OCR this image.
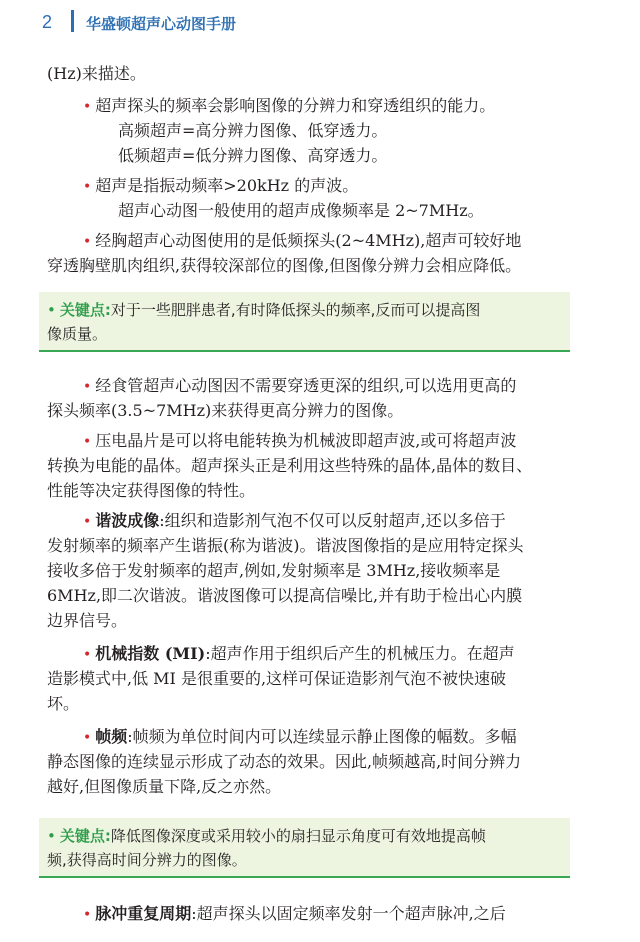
2 华盛顿超声心动图手册
(Hz)来描述。
• 超声探头的频率会影响图像的分辨力和穿透组织的能力。
高频超声=高分辨力图像、低穿透力。
低频超声=低分辨力图像、高穿透力。
• 超声是指振动频率>20kHz 的声波。
超声心动图一般使用的超声成像频率是 2~7MHz。
• 经胸超声心动图使用的是低频探头(2~4MHz),超声可较好地
穿透胸壁肌肉组织,获得较深部位的图像,但图像分辨力会相应降低。
• 关键点:对于一些肥胖患者,有时降低探头的频率,反而可以提高图
像质量。
• 经食管超声心动图因不需要穿透更深的组织,可以选用更高的
探头频率(3.5~7MHz)来获得更高分辨力的图像。
• 压电晶片是可以将电能转换为机械波即超声波,或可将超声波
转换为电能的晶体。超声探头正是利用这些特殊的晶体,晶体的数目、
性能等决定获得图像的特性。
• 谐波成像:组织和造影剂气泡不仅可以反射超声,还以多倍于
发射频率的频率产生谐振(称为谐波)。谐波图像指的是应用特定探头
接收多倍于发射频率的超声,例如,发射频率是 3MHz,接收频率是
6MHz,即二次谐波。谐波图像可以提高信噪比,并有助于检出心内膜
边界信号。
• 机械指数 (MI):超声作用于组织后产生的机械压力。在超声
造影模式中,低 MI 是很重要的,这样可保证造影剂气泡不被快速破
坏。
• 帧频:帧频为单位时间内可以连续显示静止图像的幅数。多幅
静态图像的连续显示形成了动态的效果。因此,帧频越高,时间分辨力
越好,但图像质量下降,反之亦然。
• 关键点:降低图像深度或采用较小的扇扫显示角度可有效地提高帧
频,获得高时间分辨力的图像。
• 脉冲重复周期:超声探头以固定频率发射一个超声脉冲,之后
